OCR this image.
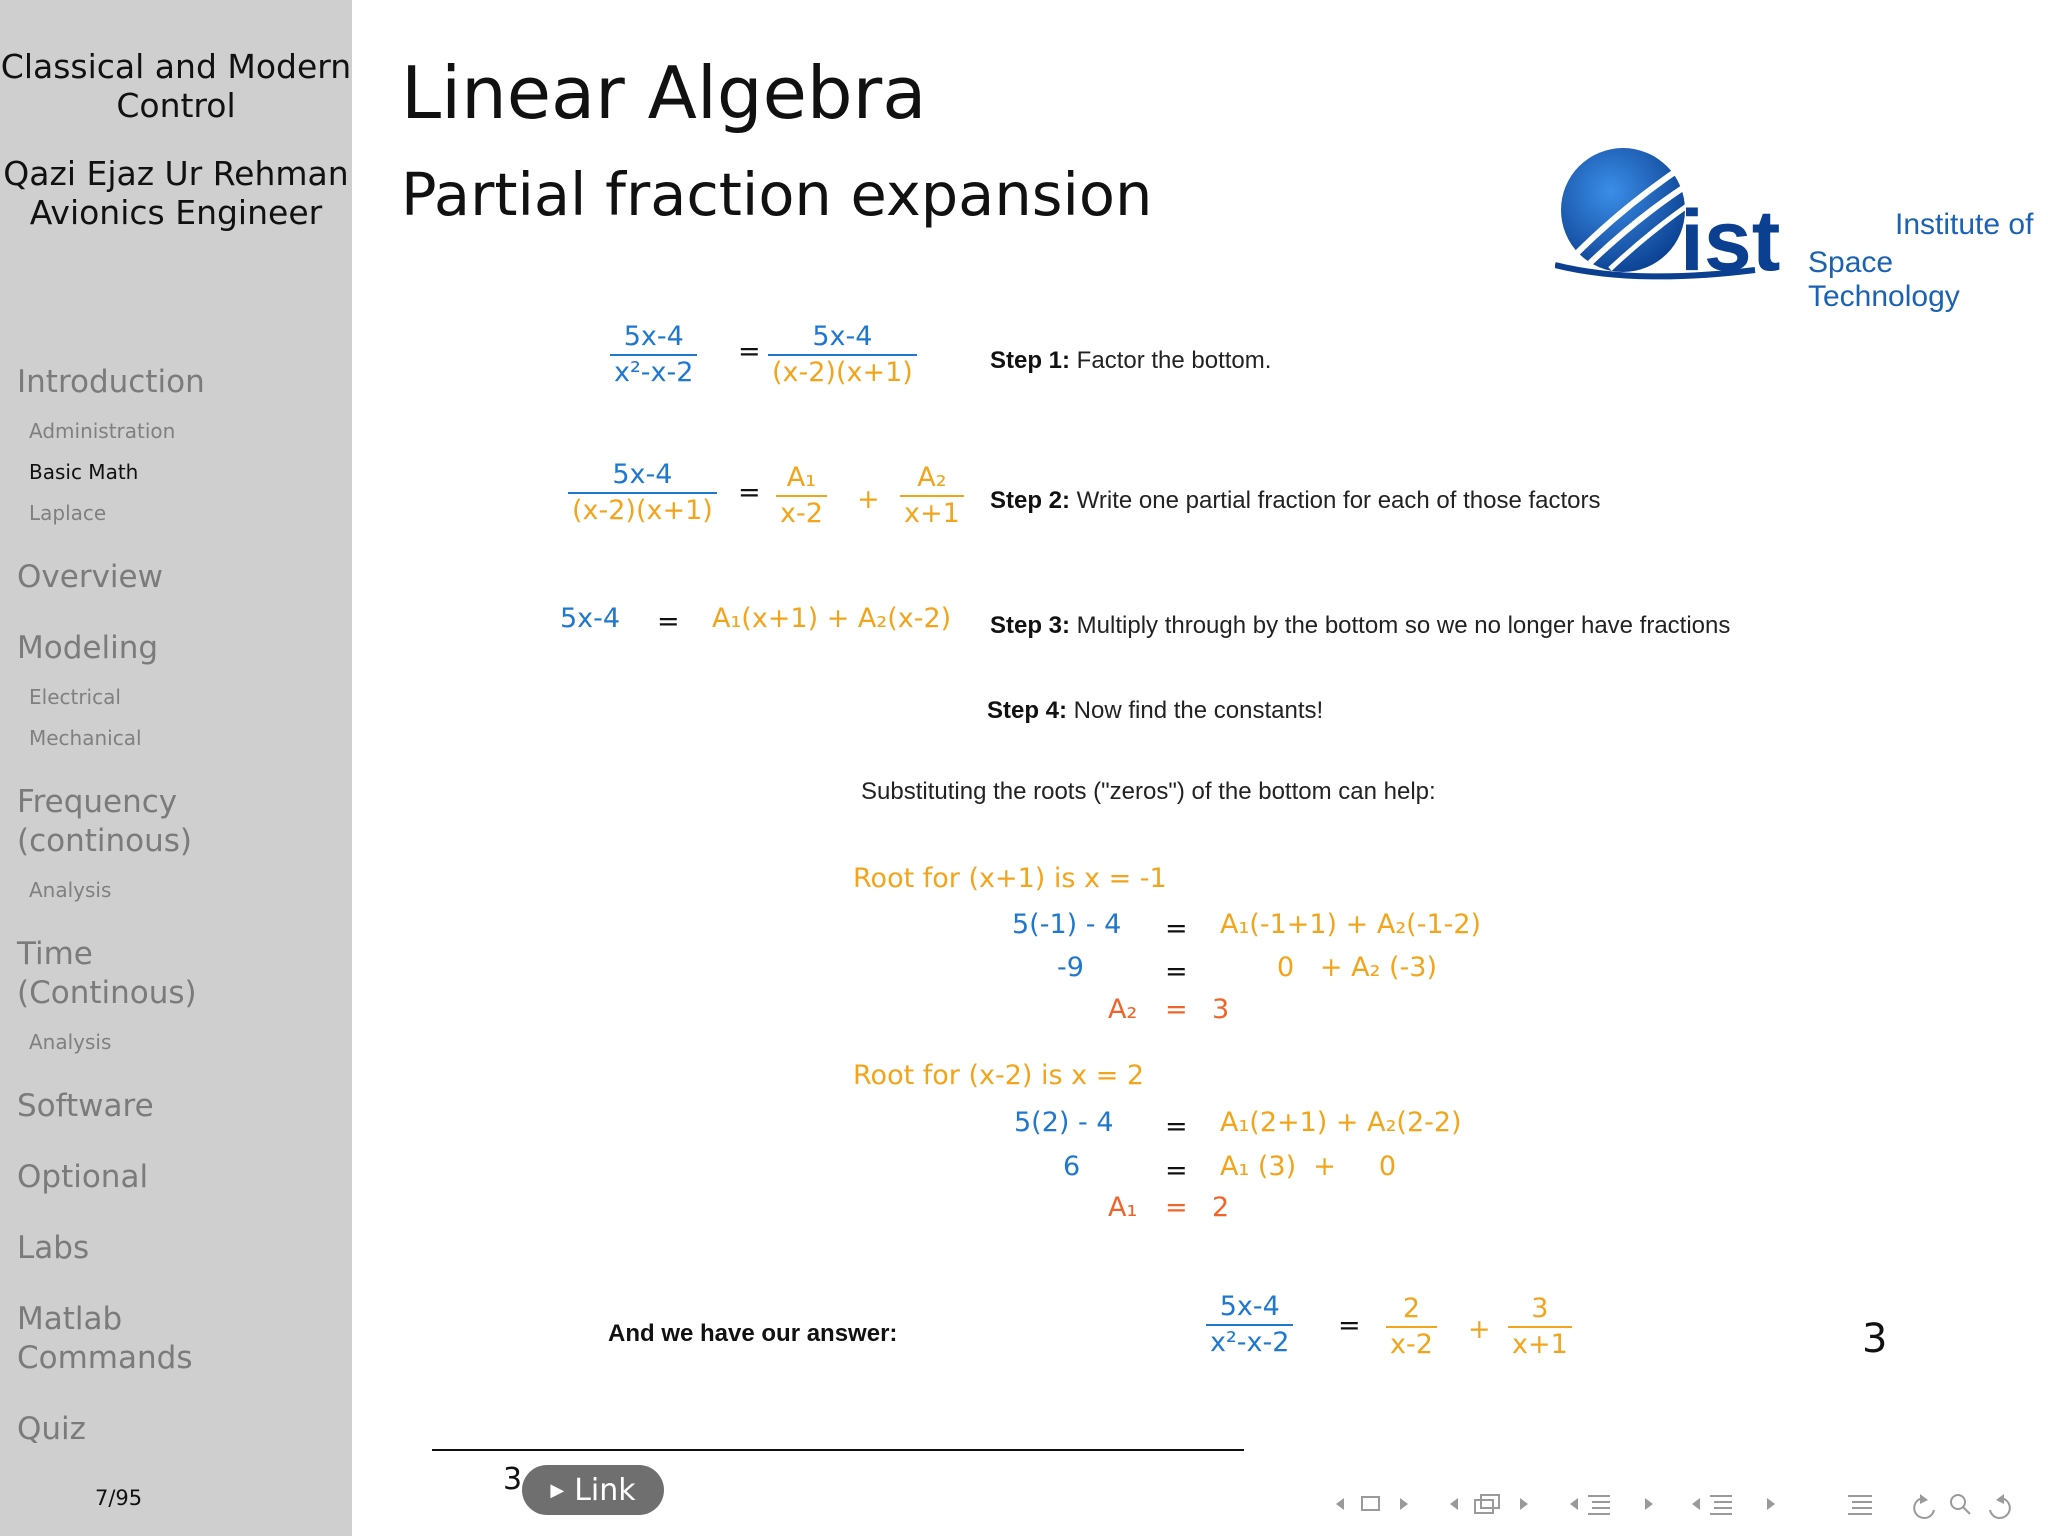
Classical and Modern
Control
Qazi Ejaz Ur Rehman
Avionics Engineer
Introduction
Administration
Basic Math
Laplace
Overview
Modeling
Electrical
Mechanical
Frequency
(continous)
Analysis
Time
(Continous)
Analysis
Software
Optional
Labs
Matlab
Commands
Quiz
7/95
Linear Algebra
Partial fraction expansion	ist	Institute of
Space Technology
5x-4
x²-x-2
= 5x-4
(x-2)(x+1)	Step 1: Factor the bottom.
5x-4
(x-2)(x+1)
= A₁
x-2 +
A₂
x+1 Step 2: Write one partial fraction for each of those factors
5x-4 = A₁(x+1) + A₂(x-2) Step 3: Multiply through by the bottom so we no longer have fractions
Step 4: Now find the constants!
Substituting the roots ("zeros") of the bottom can help:
Root for (x+1) is x = -1
5(-1) - 4 = A₁(-1+1) + A₂(-1-2)
-9	=	0   + A₂ (-3)
A₂ = 3
Root for (x-2) is x = 2
5(2) - 4 = A₁(2+1) + A₂(2-2)
6	= A₁ (3)  +     0
A₁ = 2
And we have our answer:
5x-4
x²-x-2
=
2
x-2 +
3
x+1	3
3 ▶ Link
